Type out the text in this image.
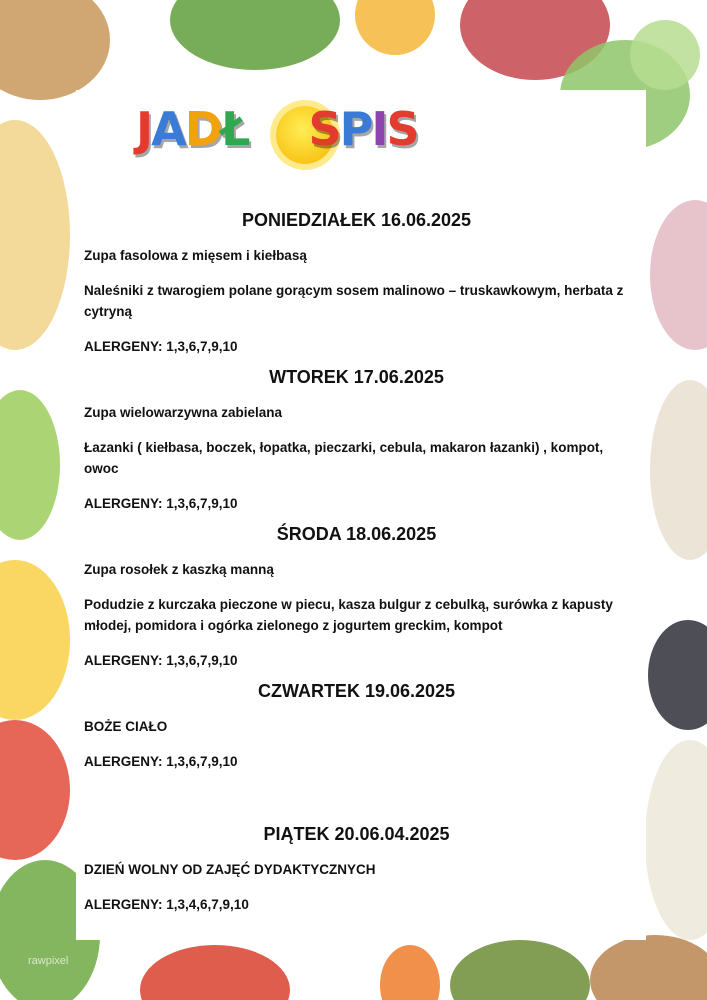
JADŁ SPIS
PONIEDZIAŁEK 16.06.2025
Zupa fasolowa z mięsem i kiełbasą
Naleśniki z twarogiem polane gorącym sosem malinowo – truskawkowym, herbata z cytryną
ALERGENY: 1,3,6,7,9,10
WTOREK 17.06.2025
Zupa wielowarzywna zabielana
Łazanki ( kiełbasa, boczek, łopatka, pieczarki, cebula, makaron łazanki) , kompot, owoc
ALERGENY: 1,3,6,7,9,10
ŚRODA 18.06.2025
Zupa rosołek z kaszką manną
Podudzie z kurczaka pieczone w piecu, kasza bulgur z cebulką, surówka z kapusty młodej, pomidora i ogórka zielonego z jogurtem greckim, kompot
ALERGENY: 1,3,6,7,9,10
CZWARTEK 19.06.2025
BOŻE CIAŁO
ALERGENY: 1,3,6,7,9,10
PIĄTEK 20.06.04.2025
DZIEŃ WOLNY OD ZAJĘĆ DYDAKTYCZNYCH
ALERGENY: 1,3,4,6,7,9,10
rawpixel
